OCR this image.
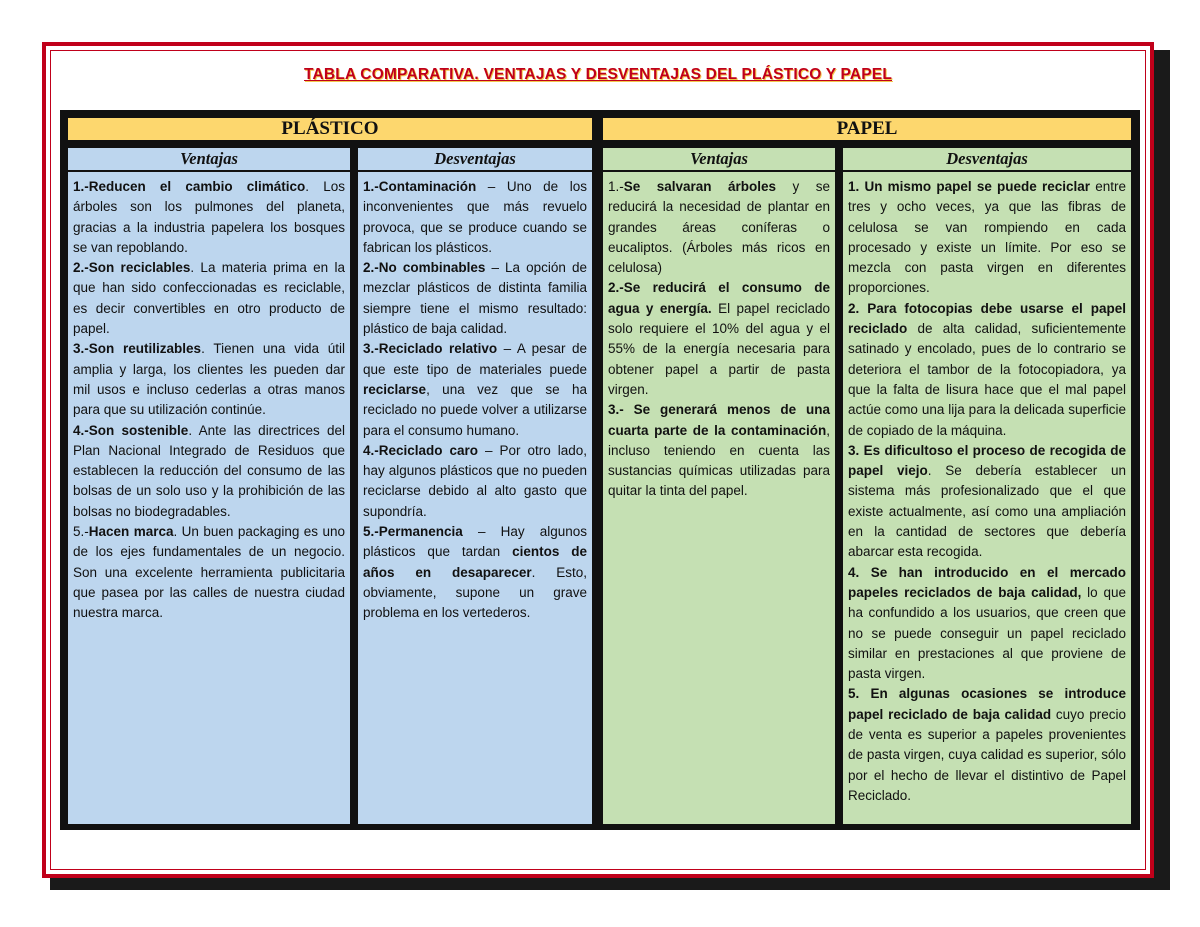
TABLA COMPARATIVA. VENTAJAS Y DESVENTAJAS DEL PLÁSTICO Y PAPEL
PLÁSTICO	PAPEL
Ventajas

1.-Reducen el cambio climático. Los árboles son los pulmones del planeta, gracias a la industria papelera los bosques se van repoblando.

2.-Son reciclables. La materia prima en la que han sido confeccionadas es reciclable, es decir convertibles en otro producto de papel.

3.-Son reutilizables. Tienen una vida útil amplia y larga, los clientes les pueden dar mil usos e incluso cederlas a otras manos para que su utilización continúe.

4.-Son sostenible. Ante las directrices del Plan Nacional Integrado de Residuos que establecen la reducción del consumo de las bolsas de un solo uso y la prohibición de las bolsas no biodegradables.

5.-Hacen marca. Un buen packaging es uno de los ejes fundamentales de un negocio. Son una excelente herramienta publicitaria que pasea por las calles de nuestra ciudad nuestra marca.

Desventajas

1.-Contaminación – Uno de los inconvenientes que más revuelo provoca, que se produce cuando se fabrican los plásticos.

2.-No combinables – La opción de mezclar plásticos de distinta familia siempre tiene el mismo resultado: plástico de baja calidad.

3.-Reciclado relativo – A pesar de que este tipo de materiales puede reciclarse, una vez que se ha reciclado no puede volver a utilizarse para el consumo humano.

4.-Reciclado caro – Por otro lado, hay algunos plásticos que no pueden reciclarse debido al alto gasto que supondría.

5.-Permanencia – Hay algunos plásticos que tardan cientos de años en desaparecer. Esto, obviamente, supone un grave problema en los vertederos.

Ventajas

1.-Se salvaran árboles y se reducirá la necesidad de plantar en grandes áreas coníferas o eucaliptos. (Árboles más ricos en celulosa)

2.-Se reducirá el consumo de agua y energía. El papel reciclado solo requiere el 10% del agua y el 55% de la energía necesaria para obtener papel a partir de pasta virgen.

3.- Se generará menos de una cuarta parte de la contaminación, incluso teniendo en cuenta las sustancias químicas utilizadas para quitar la tinta del papel.

Desventajas

1. Un mismo papel se puede reciclar entre tres y ocho veces, ya que las fibras de celulosa se van rompiendo en cada procesado y existe un límite. Por eso se mezcla con pasta virgen en diferentes proporciones.

2. Para fotocopias debe usarse el papel reciclado de alta calidad, suficientemente satinado y encolado, pues de lo contrario se deteriora el tambor de la fotocopiadora, ya que la falta de lisura hace que el mal papel actúe como una lija para la delicada superficie de copiado de la máquina.

3. Es dificultoso el proceso de recogida de papel viejo. Se debería establecer un sistema más profesionalizado que el que existe actualmente, así como una ampliación en la cantidad de sectores que debería abarcar esta recogida.

4. Se han introducido en el mercado papeles reciclados de baja calidad, lo que ha confundido a los usuarios, que creen que no se puede conseguir un papel reciclado similar en prestaciones al que proviene de pasta virgen.

5. En algunas ocasiones se introduce papel reciclado de baja calidad cuyo precio de venta es superior a papeles provenientes de pasta virgen, cuya calidad es superior, sólo por el hecho de llevar el distintivo de Papel Reciclado.
